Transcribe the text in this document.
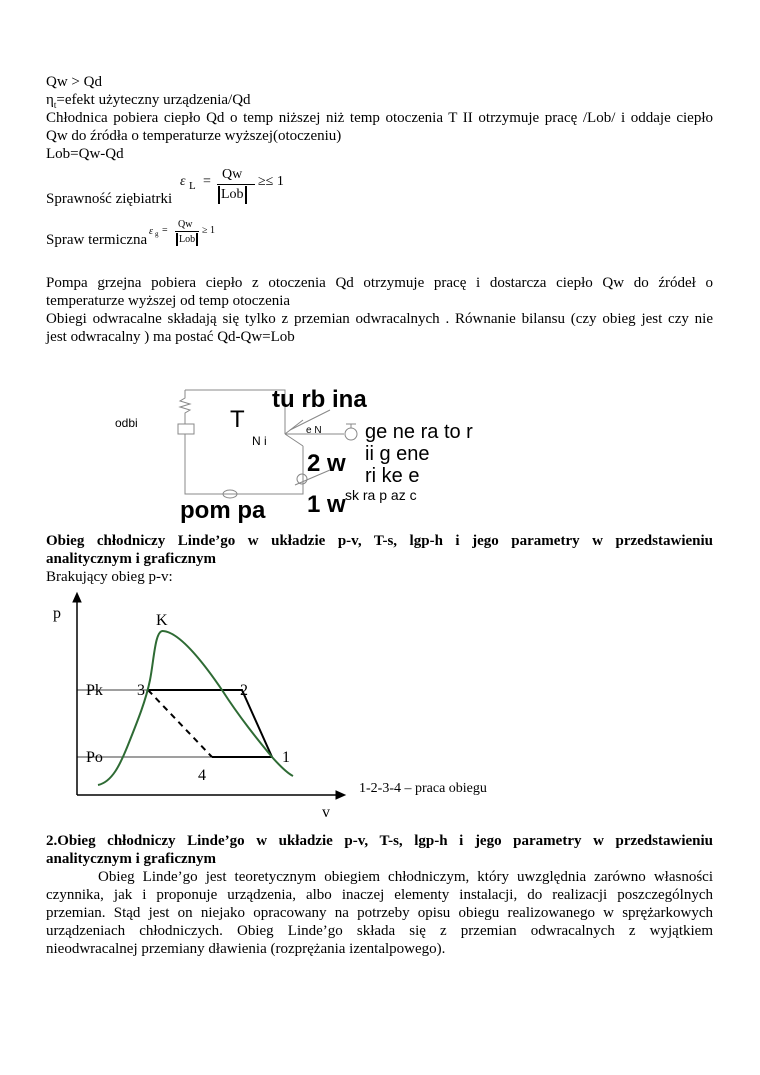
Qw > Qd
$\eta_t=efekt$ użyteczny urządzenia/Qd
Chłodnica pobiera ciepło Qd o temp niższej niż temp otoczenia T II otrzymuje pracę /Lob/ i oddaje ciepło
Qw do źródła o temperaturze wyższej(otoczeniu)
Lob=Qw-Qd
Sprawność ziębiatrki
ε L = Qw
Lob
≥≤ 1
Spraw termiczna
ε g =
Qw
Lob
≥ 1
Pompa grzejna pobiera ciepło z otoczenia Qd otrzymuje pracę i dostarcza ciepło Qw do źródeł o
temperaturze wyższej od temp otoczenia
Obiegi odwracalne składają się tylko z przemian odwracalnych . Równanie bilansu (czy obieg jest czy nie
jest odwracalny ) ma postać Qd-Qw=Lob
odbi	T
tu rb ina
N i
e N ge ne ra to r
ii g ene
ri ke e
2 w
sk ra p az c
1 w
pom pa
Obieg chłodniczy Linde’go w układzie p-v, T-s, lgp-h i jego parametry w przedstawieniu
analitycznym i graficznym
Brakujący obieg p-v:
p	K
Pk 3	2
Po	1
4
v
1-2-3-4 – praca obiegu
2.Obieg chłodniczy Linde’go w układzie p-v, T-s, lgp-h i jego parametry w przedstawieniu
analitycznym i graficznym
Obieg Linde’go jest teoretycznym obiegiem chłodniczym, który uwzględnia zarówno własności
czynnika, jak i proponuje urządzenia, albo inaczej elementy instalacji, do realizacji poszczególnych
przemian. Stąd jest on niejako opracowany na potrzeby opisu obiegu realizowanego w sprężarkowych
urządzeniach chłodniczych. Obieg Linde’go składa się z przemian odwracalnych z wyjątkiem
nieodwracalnej przemiany dławienia (rozprężania izentalpowego).
